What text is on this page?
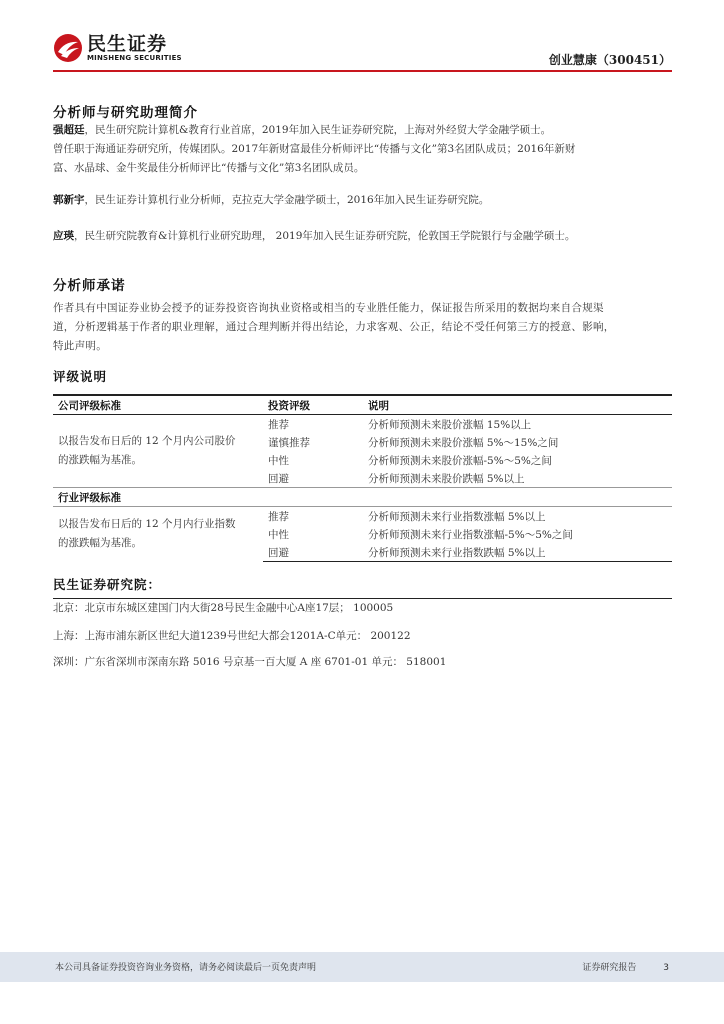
民生证券
MINSHENG SECURITIES	创业慧康（300451）
分析师与研究助理简介
强超廷，民生研究院计算机&教育行业首席，2019年加入民生证券研究院，上海对外经贸大学金融学硕士。
曾任职于海通证券研究所，传媒团队。2017年新财富最佳分析师评比“传播与文化”第3名团队成员；2016年新财
富、水晶球、金牛奖最佳分析师评比“传播与文化”第3名团队成员。
郭新宇，民生证券计算机行业分析师，克拉克大学金融学硕士，2016年加入民生证券研究院。
应瑛，民生研究院教育&计算机行业研究助理， 2019年加入民生证券研究院，伦敦国王学院银行与金融学硕士。
分析师承诺
作者具有中国证券业协会授予的证券投资咨询执业资格或相当的专业胜任能力，保证报告所采用的数据均来自合规渠
道，分析逻辑基于作者的职业理解，通过合理判断并得出结论，力求客观、公正，结论不受任何第三方的授意、影响，
特此声明。
评级说明
公司评级标准	投资评级	说明

以报告发布日后的 12 个月内公司股价
的涨跌幅为基准。	推荐	分析师预测未来股价涨幅 15%以上
	谨慎推荐	分析师预测未来股价涨幅 5%～15%之间
	中性	分析师预测未来股价涨幅-5%～5%之间
	回避	分析师预测未来股价跌幅 5%以上
行业评级标准		

以报告发布日后的 12 个月内行业指数
的涨跌幅为基准。	推荐	分析师预测未来行业指数涨幅 5%以上
	中性	分析师预测未来行业指数涨幅-5%～5%之间
	回避	分析师预测未来行业指数跌幅 5%以上
民生证券研究院：
北京：北京市东城区建国门内大街28号民生金融中心A座17层； 100005
上海：上海市浦东新区世纪大道1239号世纪大都会1201A-C单元： 200122
深圳：广东省深圳市深南东路 5016 号京基一百大厦 A 座 6701-01 单元： 518001
本公司具备证券投资咨询业务资格，请务必阅读最后一页免责声明	证券研究报告	3
